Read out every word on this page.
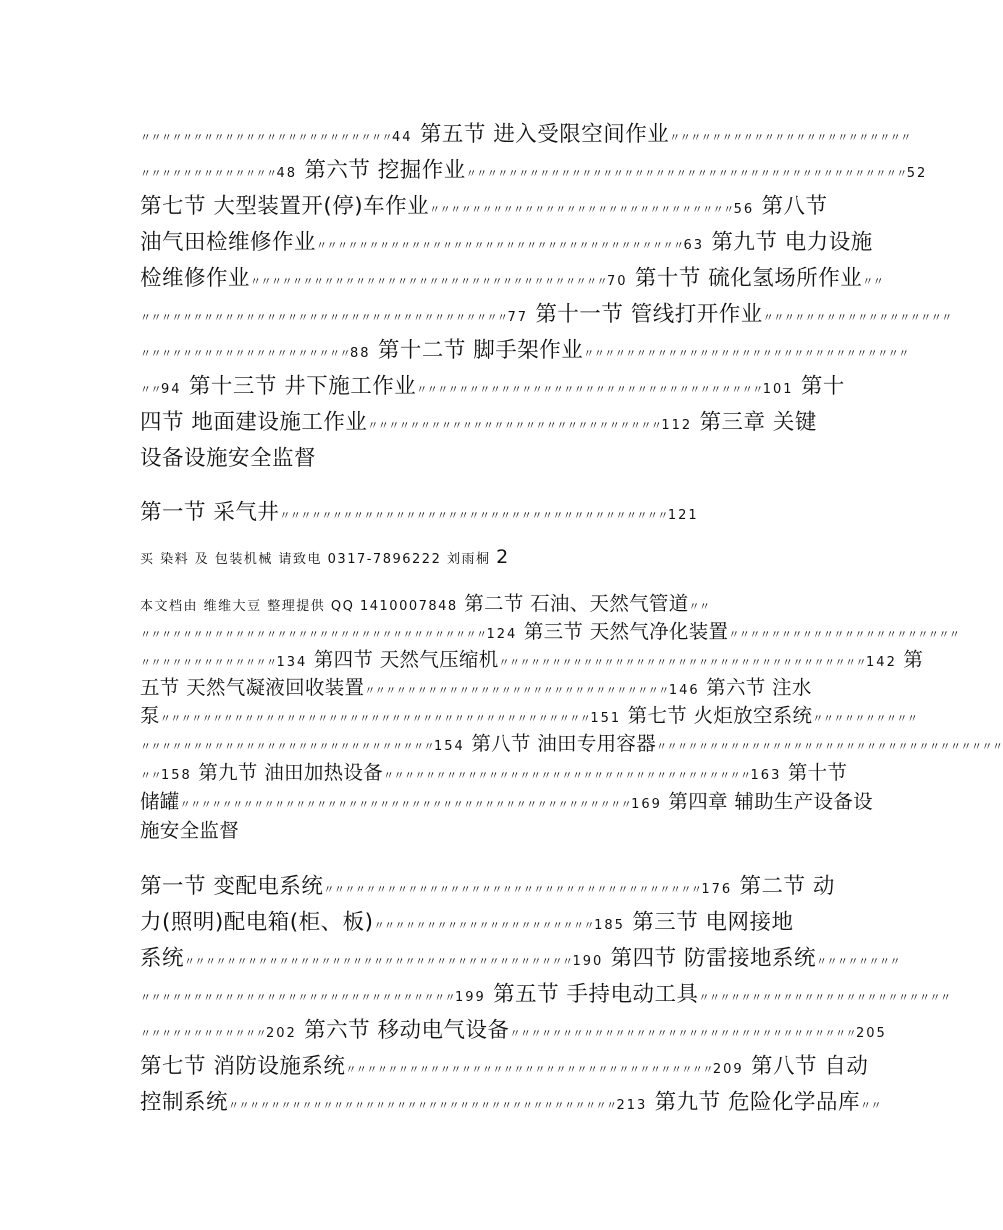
〃〃〃〃〃〃〃〃〃〃〃〃〃〃〃〃〃〃〃〃〃〃〃〃44 第五节 进入受限空间作业〃〃〃〃〃〃〃〃〃〃〃〃〃〃〃〃〃〃〃〃〃〃〃
〃〃〃〃〃〃〃〃〃〃〃〃〃48 第六节 挖掘作业〃〃〃〃〃〃〃〃〃〃〃〃〃〃〃〃〃〃〃〃〃〃〃〃〃〃〃〃〃〃〃〃〃〃〃〃〃〃〃〃〃〃52
第七节 大型装置开(停)车作业〃〃〃〃〃〃〃〃〃〃〃〃〃〃〃〃〃〃〃〃〃〃〃〃〃〃〃〃〃56 第八节
油气田检维修作业〃〃〃〃〃〃〃〃〃〃〃〃〃〃〃〃〃〃〃〃〃〃〃〃〃〃〃〃〃〃〃〃〃〃〃63 第九节 电力设施
检维修作业〃〃〃〃〃〃〃〃〃〃〃〃〃〃〃〃〃〃〃〃〃〃〃〃〃〃〃〃〃〃〃〃〃〃70 第十节 硫化氢场所作业〃〃
〃〃〃〃〃〃〃〃〃〃〃〃〃〃〃〃〃〃〃〃〃〃〃〃〃〃〃〃〃〃〃〃〃〃〃77 第十一节 管线打开作业〃〃〃〃〃〃〃〃〃〃〃〃〃〃〃〃〃〃
〃〃〃〃〃〃〃〃〃〃〃〃〃〃〃〃〃〃〃〃88 第十二节 脚手架作业〃〃〃〃〃〃〃〃〃〃〃〃〃〃〃〃〃〃〃〃〃〃〃〃〃〃〃〃〃〃〃
〃〃94 第十三节 井下施工作业〃〃〃〃〃〃〃〃〃〃〃〃〃〃〃〃〃〃〃〃〃〃〃〃〃〃〃〃〃〃〃〃〃101 第十
四节 地面建设施工作业〃〃〃〃〃〃〃〃〃〃〃〃〃〃〃〃〃〃〃〃〃〃〃〃〃〃〃〃112 第三章 关键
设备设施安全监督
第一节 采气井〃〃〃〃〃〃〃〃〃〃〃〃〃〃〃〃〃〃〃〃〃〃〃〃〃〃〃〃〃〃〃〃〃〃〃〃〃121
买 染料 及 包装机械 请致电 0317-7896222 刘雨桐 2
本文档由 维维大豆 整理提供 QQ 1410007848 第二节 石油、天然气管道〃〃
〃〃〃〃〃〃〃〃〃〃〃〃〃〃〃〃〃〃〃〃〃〃〃〃〃〃〃〃〃〃〃〃〃124 第三节 天然气净化装置〃〃〃〃〃〃〃〃〃〃〃〃〃〃〃〃〃〃〃〃〃〃
〃〃〃〃〃〃〃〃〃〃〃〃〃134 第四节 天然气压缩机〃〃〃〃〃〃〃〃〃〃〃〃〃〃〃〃〃〃〃〃〃〃〃〃〃〃〃〃〃〃〃〃〃〃〃142 第
五节 天然气凝液回收装置〃〃〃〃〃〃〃〃〃〃〃〃〃〃〃〃〃〃〃〃〃〃〃〃〃〃〃〃〃146 第六节 注水
泵〃〃〃〃〃〃〃〃〃〃〃〃〃〃〃〃〃〃〃〃〃〃〃〃〃〃〃〃〃〃〃〃〃〃〃〃〃〃〃〃〃151 第七节 火炬放空系统〃〃〃〃〃〃〃〃〃〃
〃〃〃〃〃〃〃〃〃〃〃〃〃〃〃〃〃〃〃〃〃〃〃〃〃〃〃〃154 第八节 油田专用容器〃〃〃〃〃〃〃〃〃〃〃〃〃〃〃〃〃〃〃〃〃〃〃〃〃〃〃〃〃〃〃〃〃
〃〃158 第九节 油田加热设备〃〃〃〃〃〃〃〃〃〃〃〃〃〃〃〃〃〃〃〃〃〃〃〃〃〃〃〃〃〃〃〃〃〃〃163 第十节
储罐〃〃〃〃〃〃〃〃〃〃〃〃〃〃〃〃〃〃〃〃〃〃〃〃〃〃〃〃〃〃〃〃〃〃〃〃〃〃〃〃〃〃〃169 第四章 辅助生产设备设
施安全监督
第一节 变配电系统〃〃〃〃〃〃〃〃〃〃〃〃〃〃〃〃〃〃〃〃〃〃〃〃〃〃〃〃〃〃〃〃〃〃〃〃176 第二节 动
力(照明)配电箱(柜、板)〃〃〃〃〃〃〃〃〃〃〃〃〃〃〃〃〃〃〃〃〃185 第三节 电网接地
系统〃〃〃〃〃〃〃〃〃〃〃〃〃〃〃〃〃〃〃〃〃〃〃〃〃〃〃〃〃〃〃〃〃〃〃〃〃190 第四节 防雷接地系统〃〃〃〃〃〃〃〃
〃〃〃〃〃〃〃〃〃〃〃〃〃〃〃〃〃〃〃〃〃〃〃〃〃〃〃〃〃〃199 第五节 手持电动工具〃〃〃〃〃〃〃〃〃〃〃〃〃〃〃〃〃〃〃〃〃〃〃〃
〃〃〃〃〃〃〃〃〃〃〃〃202 第六节 移动电气设备〃〃〃〃〃〃〃〃〃〃〃〃〃〃〃〃〃〃〃〃〃〃〃〃〃〃〃〃〃〃〃〃〃205
第七节 消防设施系统〃〃〃〃〃〃〃〃〃〃〃〃〃〃〃〃〃〃〃〃〃〃〃〃〃〃〃〃〃〃〃〃〃〃〃209 第八节 自动
控制系统〃〃〃〃〃〃〃〃〃〃〃〃〃〃〃〃〃〃〃〃〃〃〃〃〃〃〃〃〃〃〃〃〃〃〃〃〃213 第九节 危险化学品库〃〃
